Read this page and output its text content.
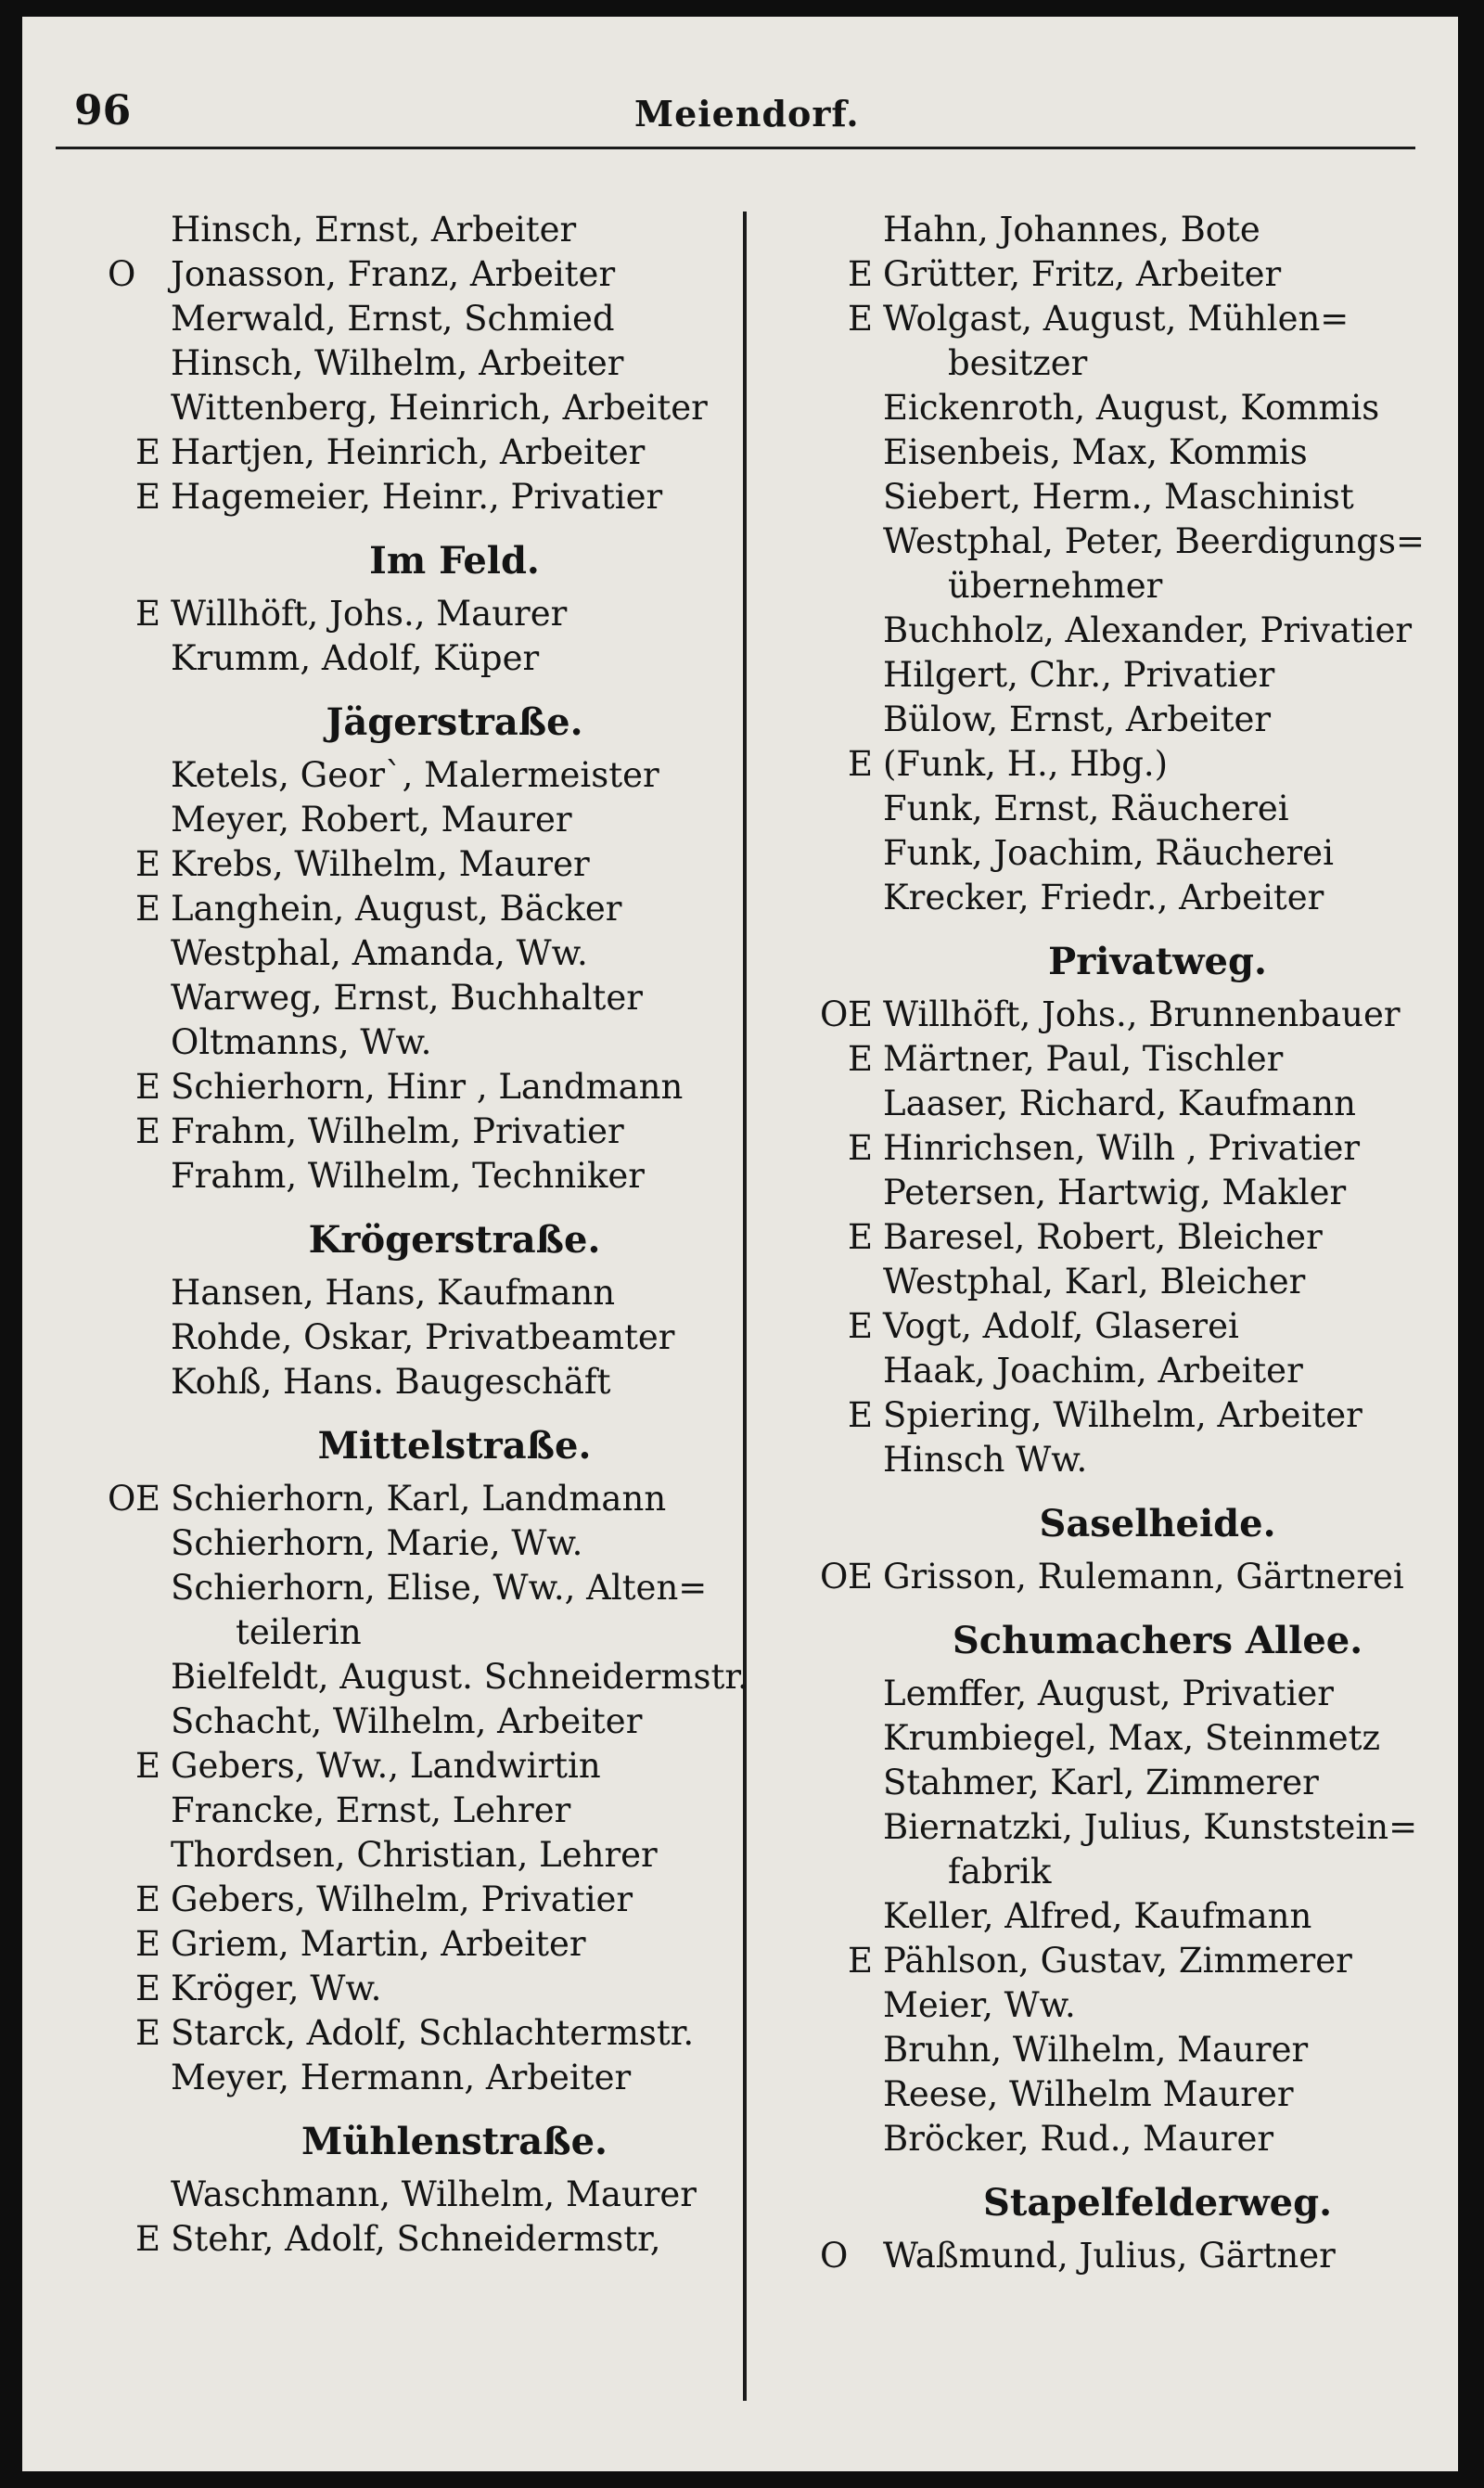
96	Meiendorf.
Hinsch, Ernst, Arbeiter
O	Jonasson, Franz, Arbeiter
Merwald, Ernst, Schmied
Hinsch, Wilhelm, Arbeiter
Wittenberg, Heinrich, Arbeiter
E Hartjen, Heinrich, Arbeiter
E Hagemeier, Heinr., Privatier
Im Feld.
E Willhöft, Johs., Maurer
Krumm, Adolf, Küper
Jägerstraße.
Ketels, Geor`, Malermeister
Meyer, Robert, Maurer
E Krebs, Wilhelm, Maurer
E Langhein, August, Bäcker
Westphal, Amanda, Ww.
Warweg, Ernst, Buchhalter
Oltmanns, Ww.
E Schierhorn, Hinr , Landmann
E Frahm, Wilhelm, Privatier
Frahm, Wilhelm, Techniker
Krögerstraße.
Hansen, Hans, Kaufmann
Rohde, Oskar, Privatbeamter
Kohß, Hans. Baugeschäft
Mittelstraße.
OE Schierhorn, Karl, Landmann
Schierhorn, Marie, Ww.
Schierhorn, Elise, Ww., Alten=
teilerin
Bielfeldt, August. Schneidermstr.
Schacht, Wilhelm, Arbeiter
E Gebers, Ww., Landwirtin
Francke, Ernst, Lehrer
Thordsen, Christian, Lehrer
E Gebers, Wilhelm, Privatier
E Griem, Martin, Arbeiter
E Kröger, Ww.
E Starck, Adolf, Schlachtermstr.
Meyer, Hermann, Arbeiter
Mühlenstraße.
Waschmann, Wilhelm, Maurer
E Stehr, Adolf, Schneidermstr,
Hahn, Johannes, Bote
E Grütter, Fritz, Arbeiter
E Wolgast, August, Mühlen=
besitzer
Eickenroth, August, Kommis
Eisenbeis, Max, Kommis
Siebert, Herm., Maschinist
Westphal, Peter, Beerdigungs=
übernehmer
Buchholz, Alexander, Privatier
Hilgert, Chr., Privatier
Bülow, Ernst, Arbeiter
E (Funk, H., Hbg.)
Funk, Ernst, Räucherei
Funk, Joachim, Räucherei
Krecker, Friedr., Arbeiter
Privatweg.
OE Willhöft, Johs., Brunnenbauer
E Märtner, Paul, Tischler
Laaser, Richard, Kaufmann
E Hinrichsen, Wilh , Privatier
Petersen, Hartwig, Makler
E Baresel, Robert, Bleicher
Westphal, Karl, Bleicher
E Vogt, Adolf, Glaserei
Haak, Joachim, Arbeiter
E Spiering, Wilhelm, Arbeiter
Hinsch Ww.
Saselheide.
OE Grisson, Rulemann, Gärtnerei
Schumachers Allee.
Lemffer, August, Privatier
Krumbiegel, Max, Steinmetz
Stahmer, Karl, Zimmerer
Biernatzki, Julius, Kunststein=
fabrik
Keller, Alfred, Kaufmann
E Pählson, Gustav, Zimmerer
Meier, Ww.
Bruhn, Wilhelm, Maurer
Reese, Wilhelm Maurer
Bröcker, Rud., Maurer
Stapelfelderweg.
O	Waßmund, Julius, Gärtner
